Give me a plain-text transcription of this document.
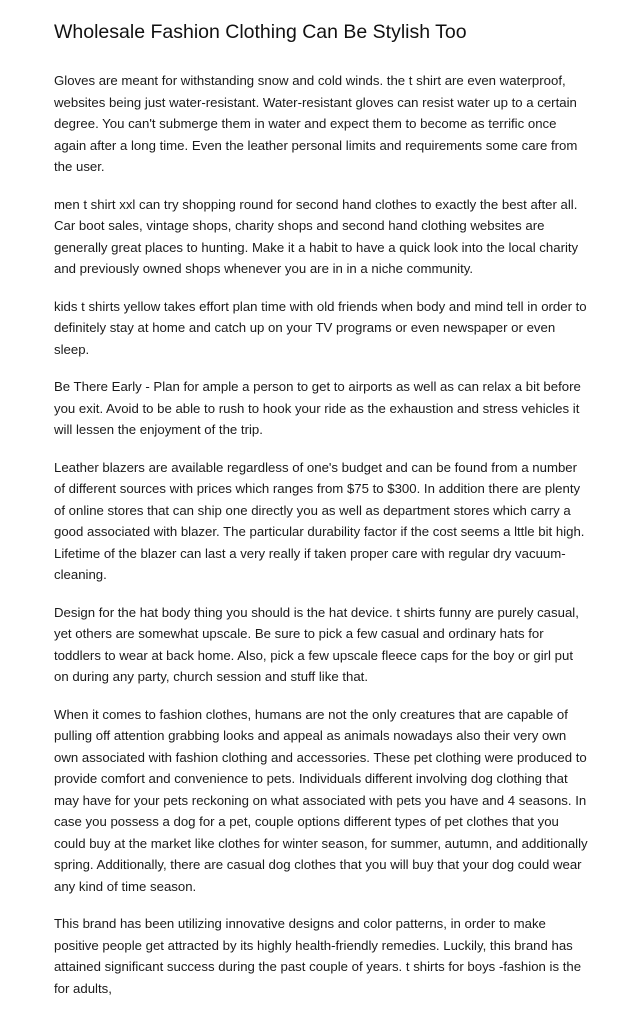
Wholesale Fashion Clothing Can Be Stylish Too

Gloves are meant for withstanding snow and cold winds. the t shirt are even waterproof, websites being just water-resistant. Water-resistant gloves can resist water up to a certain degree. You can't submerge them in water and expect them to become as terrific once again after a long time. Even the leather personal limits and requirements some care from the user.

men t shirt xxl can try shopping round for second hand clothes to exactly the best after all. Car boot sales, vintage shops, charity shops and second hand clothing websites are generally great places to hunting. Make it a habit to have a quick look into the local charity and previously owned shops whenever you are in in a niche community.

kids t shirts yellow takes effort plan time with old friends when body and mind tell in order to definitely stay at home and catch up on your TV programs or even newspaper or even sleep.

Be There Early - Plan for ample a person to get to airports as well as can relax a bit before you exit. Avoid to be able to rush to hook your ride as the exhaustion and stress vehicles it will lessen the enjoyment of the trip.

Leather blazers are available regardless of one's budget and can be found from a number of different sources with prices which ranges from $75 to $300. In addition there are plenty of online stores that can ship one directly you as well as department stores which carry a good associated with blazer. The particular durability factor if the cost seems a lttle bit high. Lifetime of the blazer can last a very really if taken proper care with regular dry vacuum-cleaning.

Design for the hat body thing you should is the hat device. t shirts funny are purely casual, yet others are somewhat upscale. Be sure to pick a few casual and ordinary hats for toddlers to wear at back home. Also, pick a few upscale fleece caps for the boy or girl put on during any party, church session and stuff like that.

When it comes to fashion clothes, humans are not the only creatures that are capable of pulling off attention grabbing looks and appeal as animals nowadays also their very own own associated with fashion clothing and accessories. These pet clothing were produced to provide comfort and convenience to pets. Individuals different involving dog clothing that may have for your pets reckoning on what associated with pets you have and 4 seasons. In case you possess a dog for a pet, couple options different types of pet clothes that you could buy at the market like clothes for winter season, for summer, autumn, and additionally spring. Additionally, there are casual dog clothes that you will buy that your dog could wear any kind of time season.

This brand has been utilizing innovative designs and color patterns, in order to make positive people get attracted by its highly health-friendly remedies. Luckily, this brand has attained significant success during the past couple of years. t shirts for boys -fashion is the for adults,
